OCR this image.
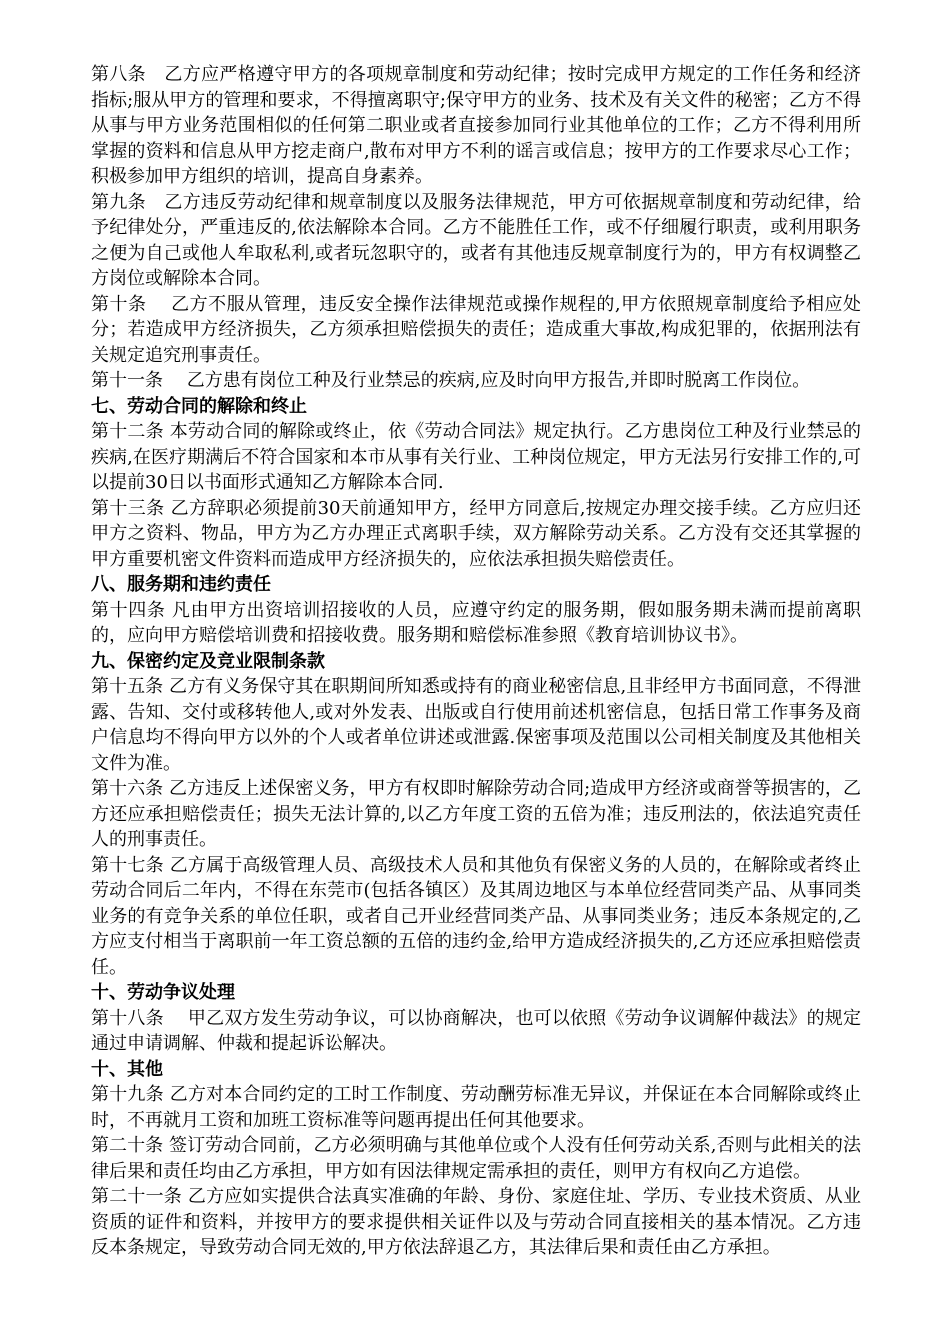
第八条　乙方应严格遵守甲方的各项规章制度和劳动纪律；按时完成甲方规定的工作任务和经济指标;服从甲方的管理和要求，不得擅离职守;保守甲方的业务、技术及有关文件的秘密；乙方不得从事与甲方业务范围相似的任何第二职业或者直接参加同行业其他单位的工作；乙方不得利用所掌握的资料和信息从甲方挖走商户,散布对甲方不利的谣言或信息；按甲方的工作要求尽心工作；积极参加甲方组织的培训，提高自身素养。

第九条　乙方违反劳动纪律和规章制度以及服务法律规范，甲方可依据规章制度和劳动纪律，给予纪律处分，严重违反的,依法解除本合同。乙方不能胜任工作，或不仔细履行职责，或利用职务之便为自己或他人牟取私利,或者玩忽职守的，或者有其他违反规章制度行为的，甲方有权调整乙方岗位或解除本合同。

第十条　 乙方不服从管理，违反安全操作法律规范或操作规程的,甲方依照规章制度给予相应处分；若造成甲方经济损失，乙方须承担赔偿损失的责任；造成重大事故,构成犯罪的，依据刑法有关规定追究刑事责任。

第十一条　 乙方患有岗位工种及行业禁忌的疾病,应及时向甲方报告,并即时脱离工作岗位。

七、劳动合同的解除和终止

第十二条 本劳动合同的解除或终止，依《劳动合同法》规定执行。乙方患岗位工种及行业禁忌的疾病,在医疗期满后不符合国家和本市从事有关行业、工种岗位规定，甲方无法另行安排工作的,可以提前30日以书面形式通知乙方解除本合同.

第十三条 乙方辞职必须提前30天前通知甲方，经甲方同意后,按规定办理交接手续。乙方应归还甲方之资料、物品，甲方为乙方办理正式离职手续，双方解除劳动关系。乙方没有交还其掌握的甲方重要机密文件资料而造成甲方经济损失的，应依法承担损失赔偿责任。

八、服务期和违约责任

第十四条 凡由甲方出资培训招接收的人员，应遵守约定的服务期，假如服务期未满而提前离职的，应向甲方赔偿培训费和招接收费。服务期和赔偿标准参照《教育培训协议书》。

九、保密约定及竞业限制条款

第十五条 乙方有义务保守其在职期间所知悉或持有的商业秘密信息,且非经甲方书面同意，不得泄露、告知、交付或移转他人,或对外发表、出版或自行使用前述机密信息，包括日常工作事务及商户信息均不得向甲方以外的个人或者单位讲述或泄露.保密事项及范围以公司相关制度及其他相关文件为准。

第十六条 乙方违反上述保密义务，甲方有权即时解除劳动合同;造成甲方经济或商誉等损害的，乙方还应承担赔偿责任；损失无法计算的,以乙方年度工资的五倍为准；违反刑法的，依法追究责任人的刑事责任。

第十七条 乙方属于高级管理人员、高级技术人员和其他负有保密义务的人员的，在解除或者终止劳动合同后二年内，不得在东莞市(包括各镇区）及其周边地区与本单位经营同类产品、从事同类业务的有竞争关系的单位任职，或者自己开业经营同类产品、从事同类业务；违反本条规定的,乙方应支付相当于离职前一年工资总额的五倍的违约金,给甲方造成经济损失的,乙方还应承担赔偿责任。

十、劳动争议处理

第十八条　 甲乙双方发生劳动争议，可以协商解决，也可以依照《劳动争议调解仲裁法》的规定通过申请调解、仲裁和提起诉讼解决。

十、其他

第十九条 乙方对本合同约定的工时工作制度、劳动酬劳标准无异议，并保证在本合同解除或终止时，不再就月工资和加班工资标准等问题再提出任何其他要求。

第二十条 签订劳动合同前，乙方必须明确与其他单位或个人没有任何劳动关系,否则与此相关的法律后果和责任均由乙方承担，甲方如有因法律规定需承担的责任，则甲方有权向乙方追偿。

第二十一条 乙方应如实提供合法真实准确的年龄、身份、家庭住址、学历、专业技术资质、从业资质的证件和资料，并按甲方的要求提供相关证件以及与劳动合同直接相关的基本情况。乙方违反本条规定，导致劳动合同无效的,甲方依法辞退乙方，其法律后果和责任由乙方承担。
